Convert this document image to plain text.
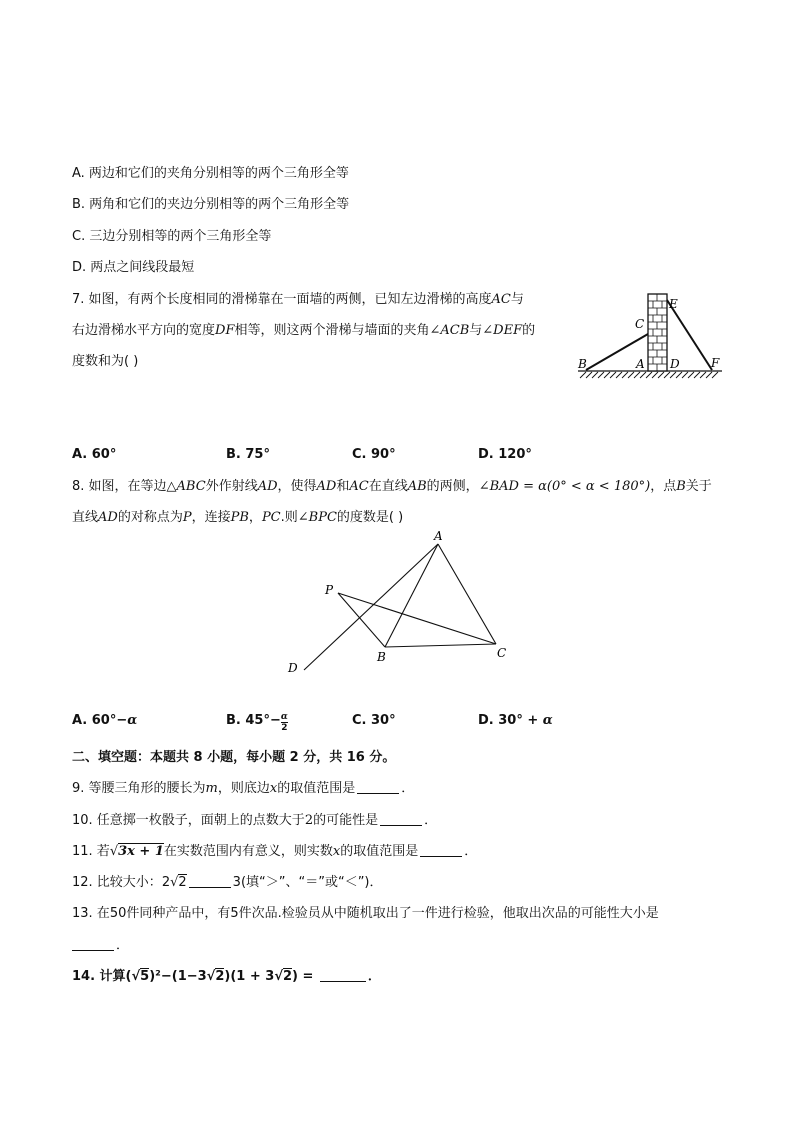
A. 两边和它们的夹角分别相等的两个三角形全等
B. 两角和它们的夹边分别相等的两个三角形全等
C. 三边分别相等的两个三角形全等
D. 两点之间线段最短
7. 如图，有两个长度相同的滑梯靠在一面墙的两侧，已知左边滑梯的高度AC与
右边滑梯水平方向的宽度DF相等，则这两个滑梯与墙面的夹角∠ACB与∠DEF的
度数和为( )
C
E
B	A D	F
A. 60°	B. 75°	C. 90°	D. 120°
8. 如图，在等边△ABC外作射线AD，使得AD和AC在直线AB的两侧，∠BAD = α(0° < α < 180°)，点B关于
直线AD的对称点为P，连接PB，PC.则∠BPC的度数是( )
A
P
B	C
D
A. 60°−α	B. $45^\circ- \frac{\alpha}{2}$	C. 30°	D. 30° + α
二、填空题：本题共 8 小题，每小题 2 分，共 16 分。
9. 等腰三角形的腰长为m，则底边x的取值范围是	．
10. 任意掷一枚骰子，面朝上的点数大于2的可能性是	．
11. 若√3x + 1在实数范围内有意义，则实数x的取值范围是	．
12. 比较大小：2√2	3(填“＞”、“＝”或“＜”)．
13. 在50件同种产品中，有5件次品.检验员从中随机取出了一件进行检验，他取出次品的可能性大小是
．
14. 计算(√5)²−(1−3√2)(1 + 3√2) =	．
